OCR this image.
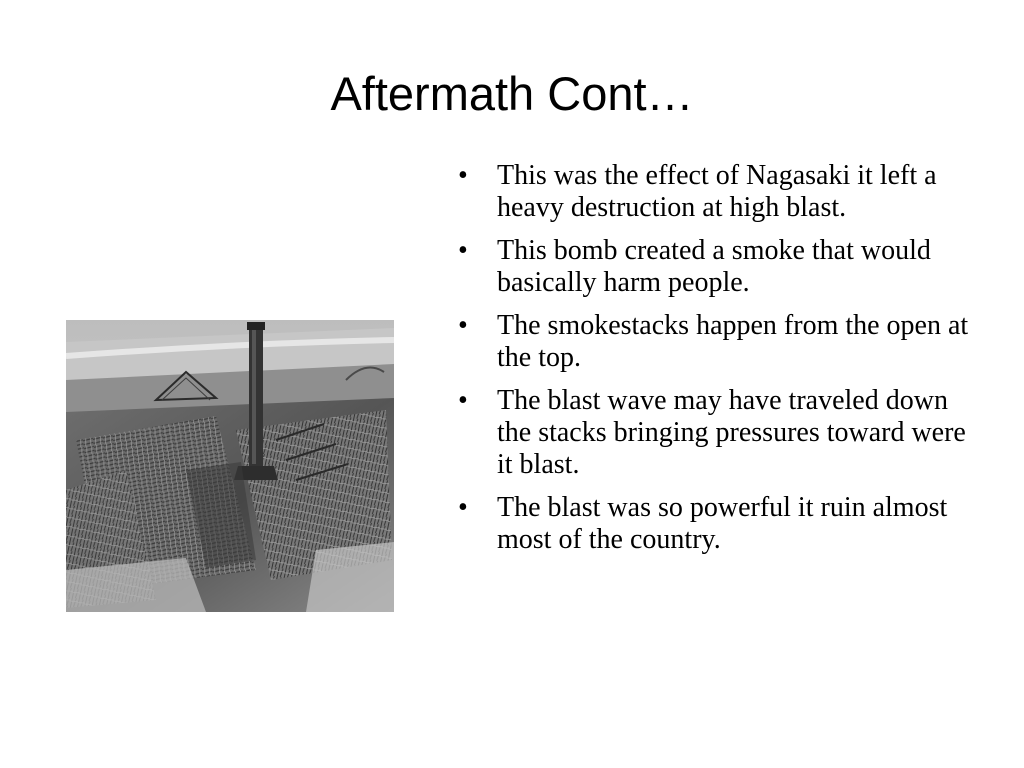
Aftermath Cont…
•	This was the effect of Nagasaki it left a heavy destruction at high blast.
•	This bomb created a smoke that would basically harm people.
•	The smokestacks happen from the open at the top.
•	The blast wave may have traveled down the stacks bringing pressures toward were it blast.
•	The blast was so powerful it ruin almost most of the country.
